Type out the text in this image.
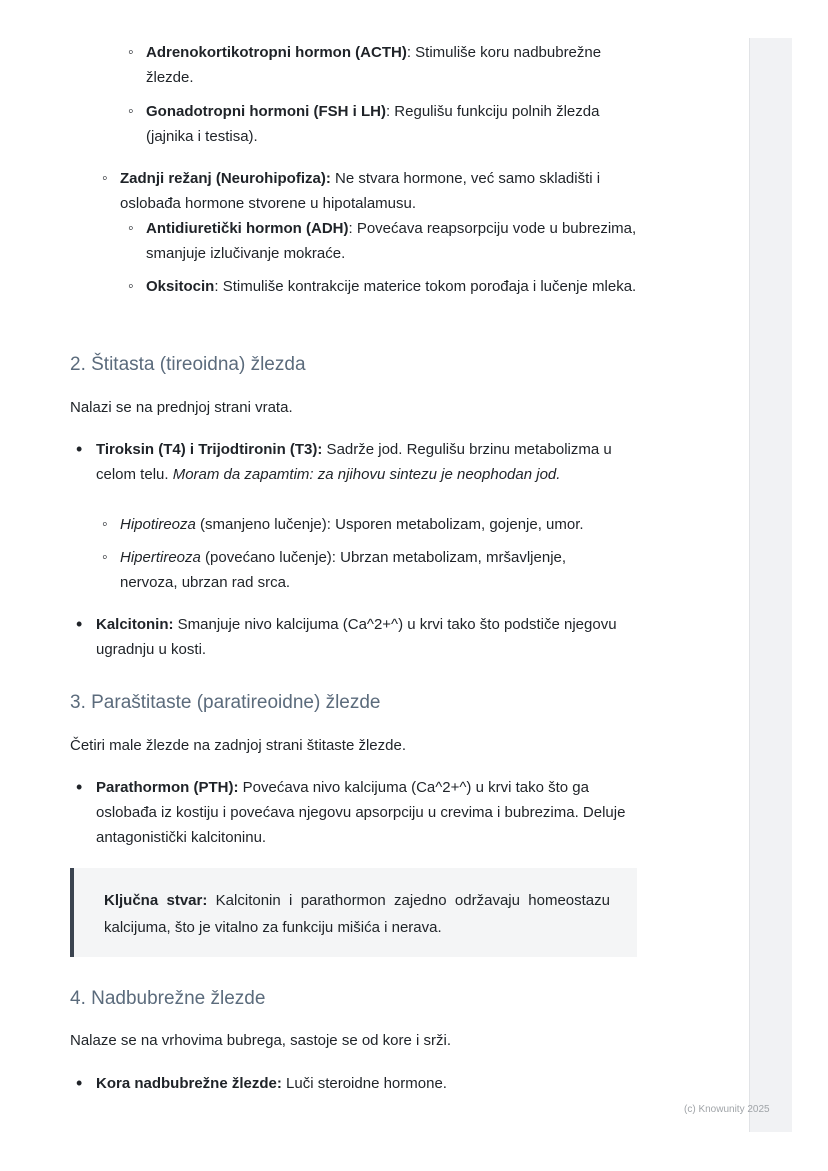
◦

Adrenokortikotropni hormon (ACTH): Stimuliše koru nadbubrežne žlezde.

◦

Gonadotropni hormoni (FSH i LH): Regulišu funkciju polnih žlezda (jajnika i testisa).

◦

Zadnji režanj (Neurohipofiza): Ne stvara hormone, već samo skladišti i oslobađa hormone stvorene u hipotalamusu.

◦

Antidiuretički hormon (ADH): Povećava reapsorpciju vode u bubrezima, smanjuje izlučivanje mokraće.

◦

Oksitocin: Stimuliše kontrakcije materice tokom porođaja i lučenje mleka.

2. Štitasta (tireoidna) žlezda

Nalazi se na prednjoj strani vrata.

•

Tiroksin (T4) i Trijodtironin (T3): Sadrže jod. Regulišu brzinu metabolizma u celom telu. Moram da zapamtim: za njihovu sintezu je neophodan jod.

◦

Hipotireoza (smanjeno lučenje): Usporen metabolizam, gojenje, umor.

◦

Hipertireoza (povećano lučenje): Ubrzan metabolizam, mršavljenje, nervoza, ubrzan rad srca.

•

Kalcitonin: Smanjuje nivo kalcijuma (Ca^2+^) u krvi tako što podstiče njegovu ugradnju u kosti.

3. Paraštitaste (paratireoidne) žlezde

Četiri male žlezde na zadnjoj strani štitaste žlezde.

•

Parathormon (PTH): Povećava nivo kalcijuma (Ca^2+^) u krvi tako što ga oslobađa iz kostiju i povećava njegovu apsorpciju u crevima i bubrezima. Deluje antagonistički kalcitoninu.

Ključna stvar: Kalcitonin i parathormon zajedno održavaju homeostazu kalcijuma, što je vitalno za funkciju mišića i nerava.

4. Nadbubrežne žlezde

Nalaze se na vrhovima bubrega, sastoje se od kore i srži.

•

Kora nadbubrežne žlezde: Luči steroidne hormone.

(c) Knowunity 2025
